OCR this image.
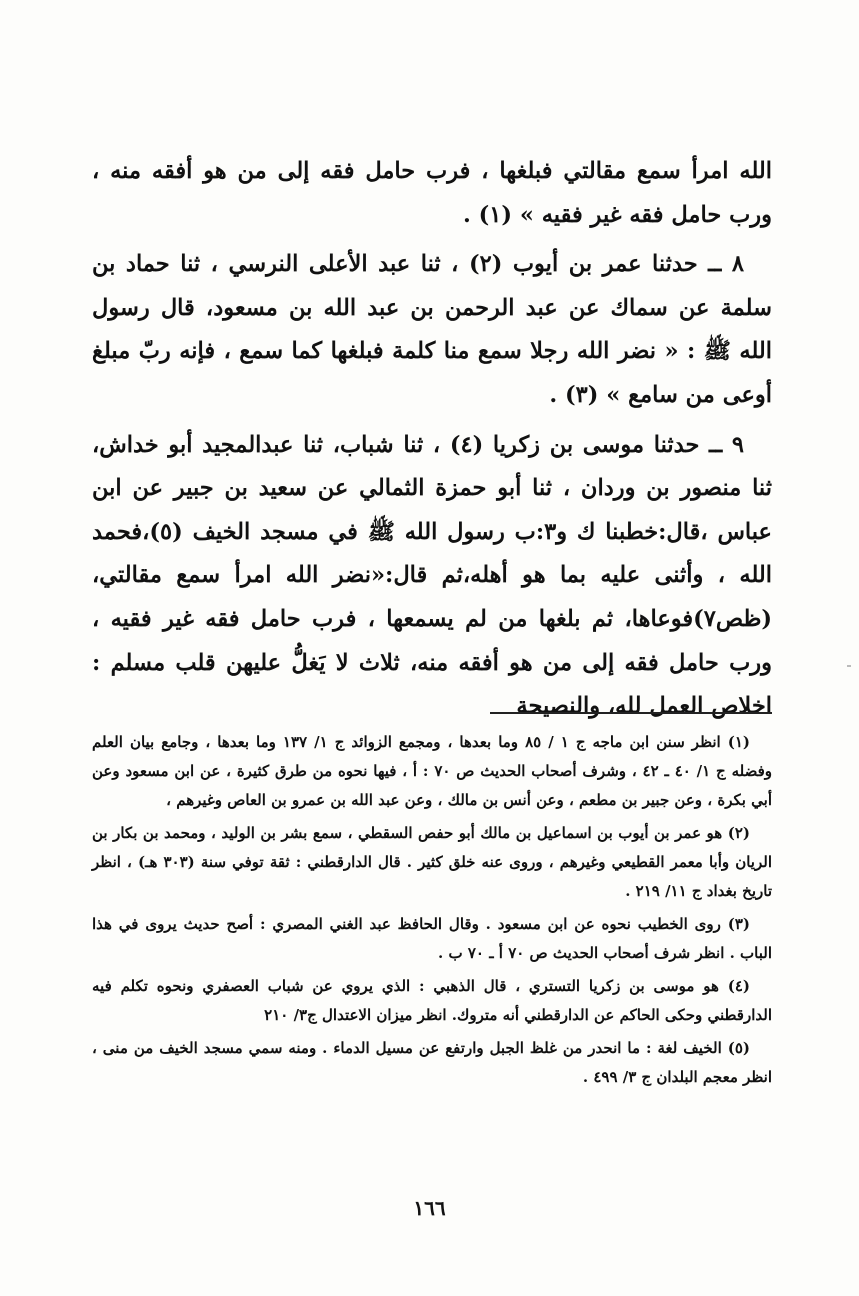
الله امرأ سمع مقالتي فبلغها ، فرب حامل فقه إلى من هو أفقه منه ، ورب حامل فقه غير فقيه » (١) .

٨ ــ حدثنا عمر بن أيوب (٢) ، ثنا عبد الأعلى النرسي ، ثنا حماد بن سلمة عن سماك عن عبد الرحمن بن عبد الله بن مسعود، قال رسول الله ﷺ : « نضر الله رجلا سمع منا كلمة فبلغها كما سمع ، فإنه ربّ مبلغ أوعى من سامع » (٣) .

٩ ــ حدثنا موسى بن زكريا (٤) ، ثنا شباب، ثنا عبدالمجيد أبو خداش، ثنا منصور بن وردان ، ثنا أبو حمزة الثمالي عن سعيد بن جبير عن ابن عباس ،قال:خطبنا ك و٣:ب رسول الله ﷺ في مسجد الخيف (٥)،فحمد الله ، وأثنى عليه بما هو أهله،ثم قال:«نضر الله امرأ سمع مقالتي،(ظص٧)فوعاها، ثم بلغها من لم يسمعها ، فرب حامل فقه غير فقيه ، ورب حامل فقه إلى من هو أفقه منه، ثلاث لا يَغلُّ عليهن قلب مسلم : اخلاص العمل لله، والنصيحة

(١) انظر سنن ابن ماجه ج ١ / ٨٥ وما بعدها ، ومجمع الزوائد ج ١/ ١٣٧ وما بعدها ، وجامع بيان العلم وفضله ج ١/ ٤٠ ـ ٤٢ ، وشرف أصحاب الحديث ص ٧٠ : أ ، فيها نحوه من طرق كثيرة ، عن ابن مسعود وعن أبي بكرة ، وعن جبير بن مطعم ، وعن أنس بن مالك ، وعن عبد الله بن عمرو بن العاص وغيرهم ،

(٢) هو عمر بن أيوب بن اسماعيل بن مالك أبو حفص السقطي ، سمع بشر بن الوليد ، ومحمد بن بكار بن الريان وأبا معمر القطيعي وغيرهم ، وروى عنه خلق كثير . قال الدارقطني : ثقة توفي سنة (٣٠٣ هـ) ، انظر تاريخ بغداد ج ١١/ ٢١٩ .

(٣) روى الخطيب نحوه عن ابن مسعود . وقال الحافظ عبد الغني المصري : أصح حديث يروى في هذا الباب . انظر شرف أصحاب الحديث ص ٧٠ أ ـ ٧٠ ب .

(٤) هو موسى بن زكريا التستري ، قال الذهبي : الذي يروي عن شباب العصفري ونحوه تكلم فيه الدارقطني وحكى الحاكم عن الدارقطني أنه متروك. انظر ميزان الاعتدال ج٣/ ٢١٠

(٥) الخيف لغة : ما انحدر من غلظ الجبل وارتفع عن مسيل الدماء . ومنه سمي مسجد الخيف من منى ، انظر معجم البلدان ج ٣/ ٤٩٩ .

١٦٦
